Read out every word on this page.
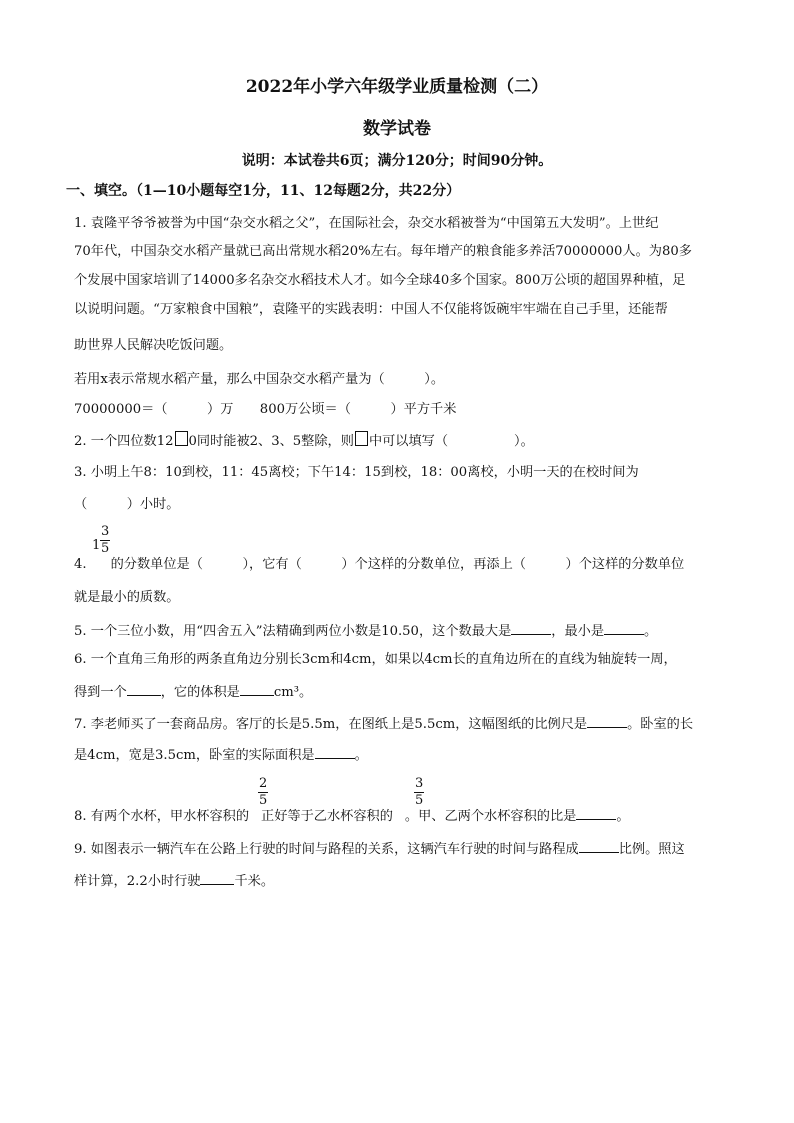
2022年小学六年级学业质量检测（二）
数学试卷
说明：本试卷共6页；满分120分；时间90分钟。
一、填空。（1—10小题每空1分，11、12每题2分，共22分）
1. 袁隆平爷爷被誉为中国“杂交水稻之父”，在国际社会，杂交水稻被誉为“中国第五大发明”。上世纪
70年代，中国杂交水稻产量就已高出常规水稻20%左右。每年增产的粮食能多养活70000000人。为80多
个发展中国家培训了14000多名杂交水稻技术人才。如今全球40多个国家。800万公顷的超国界种植，足
以说明问题。“万家粮食中国粮”，袁隆平的实践表明：中国人不仅能将饭碗牢牢端在自己手里，还能帮
助世界人民解决吃饭问题。
若用x表示常规水稻产量，那么中国杂交水稻产量为（　　　）。
70000000＝（　　　）万　　800万公顷＝（　　　）平方千米
2. 一个四位数12 0同时能被2、3、5整除，则 中可以填写（　　　　　）。
3. 小明上午8：10到校，11：45离校；下午14：15到校，18：00离校，小明一天的在校时间为
（　　　）小时。
4. 的分数单位是（　　　），它有（　　　）个这样的分数单位，再添上（　　　）个这样的分数单位
$1 \frac{3}{5}$
就是最小的质数。
5. 一个三位小数，用“四舍五入”法精确到两位小数是10.50，这个数最大是	，最小是	。
6. 一个直角三角形的两条直角边分别长3cm和4cm，如果以4cm长的直角边所在的直线为轴旋转一周，
得到一个	，它的体积是	cm³。
7. 李老师买了一套商品房。客厅的长是5.5m，在图纸上是5.5cm，这幅图纸的比例尺是	。卧室的长
是4cm，宽是3.5cm，卧室的实际面积是	。
8. 有两个水杯，甲水杯容积的 正好等于乙水杯容积的 。甲、乙两个水杯容积的比是	。
$\frac{2}{5}$	$\frac{3}{5}$
9. 如图表示一辆汽车在公路上行驶的时间与路程的关系，这辆汽车行驶的时间与路程成	比例。照这
样计算，2.2小时行驶	千米。
